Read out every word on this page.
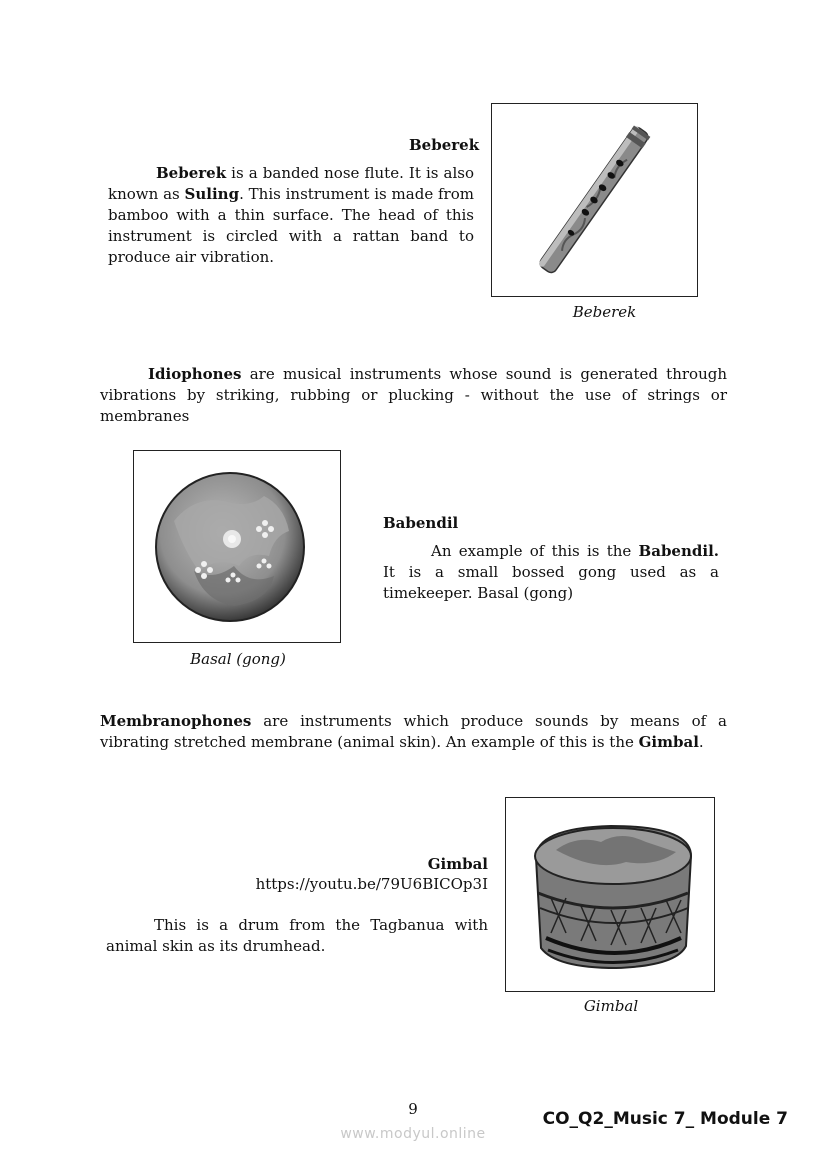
Beberek
Beberek is a banded nose flute. It is also known as Suling. This instrument is made from bamboo with a thin surface. The head of this instrument is circled with a rattan band to produce air vibration.
Beberek
Idiophones are musical instruments whose sound is generated through vibrations by striking, rubbing or plucking - without the use of strings or membranes
Basal (gong)
Babendil
An example of this is the Babendil. It is a small bossed gong used as a timekeeper. Basal (gong)
Membranophones are instruments which produce sounds by means of a vibrating stretched membrane (animal skin). An example of this is the Gimbal.
Gimbal
https://youtu.be/79U6BICOp3I
This is a drum from the Tagbanua with animal skin as its drumhead.
Gimbal
9	CO_Q2_Music 7_ Module 7
www.modyul.online
